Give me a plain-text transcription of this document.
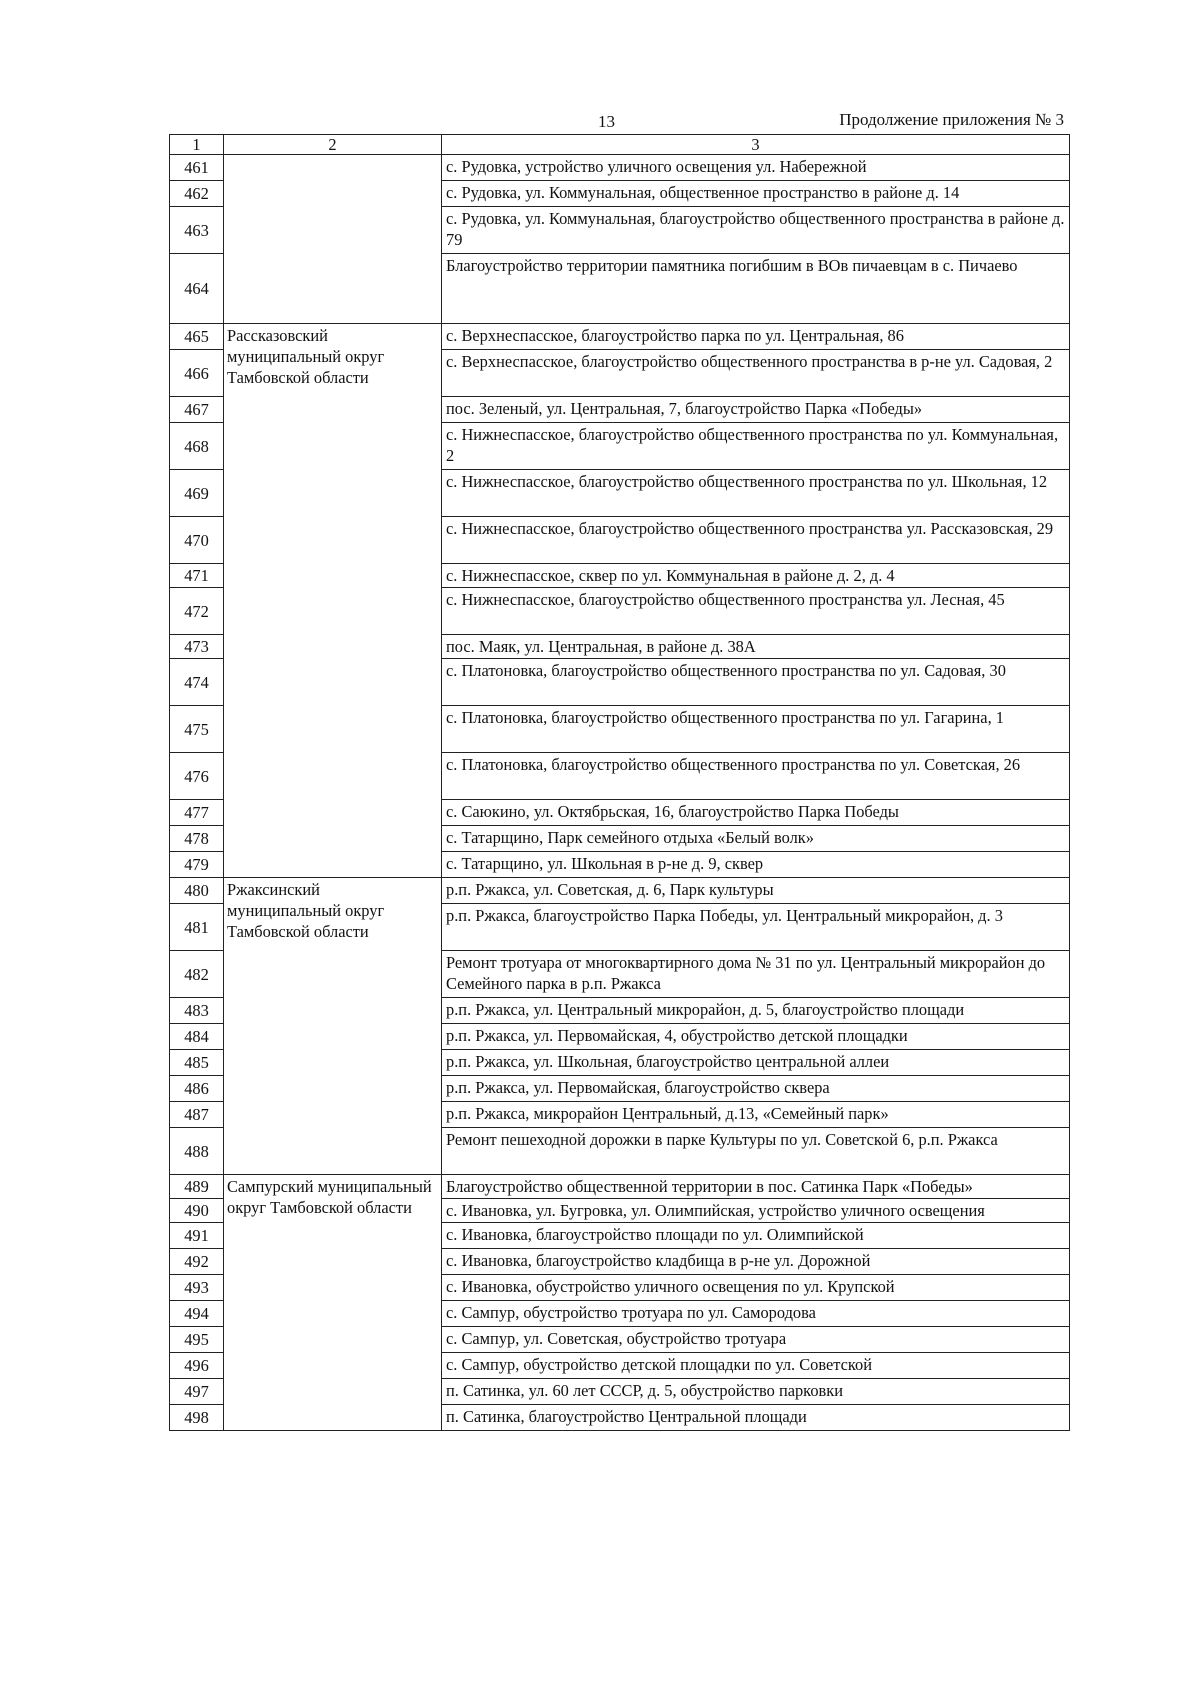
13	Продолжение приложения № 3
1	2	3
461		с. Рудовка, устройство уличного освещения ул. Набережной
462		с. Рудовка, ул. Коммунальная, общественное пространство в районе д. 14
463		с. Рудовка, ул. Коммунальная, благоустройство общественного пространства в районе д. 79
464		Благоустройство территории памятника погибшим в ВОв пичаевцам в с. Пичаево
465	Рассказовский муниципальный округ Тамбовской области	с. Верхнеспасское, благоустройство парка по ул. Центральная, 86
466		с. Верхнеспасское, благоустройство общественного пространства в р-не ул. Садовая, 2
467		пос. Зеленый, ул. Центральная, 7, благоустройство Парка «Победы»
468		с. Нижнеспасское, благоустройство общественного пространства по ул. Коммунальная, 2
469		с. Нижнеспасское, благоустройство общественного пространства по ул. Школьная, 12
470		с. Нижнеспасское, благоустройство общественного пространства ул. Рассказовская, 29
471		с. Нижнеспасское, сквер по ул. Коммунальная в районе д. 2, д. 4
472		с. Нижнеспасское, благоустройство общественного пространства ул. Лесная, 45
473		пос. Маяк, ул. Центральная, в районе д. 38А
474		с. Платоновка, благоустройство общественного пространства по ул. Садовая, 30
475		с. Платоновка, благоустройство общественного пространства по ул. Гагарина, 1
476		с. Платоновка, благоустройство общественного пространства по ул. Советская, 26
477		с. Саюкино, ул. Октябрьская, 16, благоустройство Парка Победы
478		с. Татарщино, Парк семейного отдыха «Белый волк»
479		с. Татарщино, ул. Школьная в р-не д. 9, сквер
480	Ржаксинский муниципальный округ Тамбовской области	р.п. Ржакса, ул. Советская, д. 6, Парк культуры
481		р.п. Ржакса, благоустройство Парка Победы, ул. Центральный микрорайон, д. 3
482		Ремонт тротуара от многоквартирного дома № 31 по ул. Центральный микрорайон до Семейного парка в р.п. Ржакса
483		р.п. Ржакса, ул. Центральный микрорайон, д. 5, благоустройство площади
484		р.п. Ржакса, ул. Первомайская, 4, обустройство детской площадки
485		р.п. Ржакса, ул. Школьная, благоустройство центральной аллеи
486		р.п. Ржакса, ул. Первомайская, благоустройство сквера
487		р.п. Ржакса, микрорайон Центральный, д.13, «Семейный парк»
488		Ремонт пешеходной дорожки в парке Культуры по ул. Советской 6, р.п. Ржакса
489	Сампурский муниципальный округ Тамбовской области	Благоустройство общественной территории в пос. Сатинка Парк «Победы»
490		с. Ивановка, ул. Бугровка, ул. Олимпийская, устройство уличного освещения
491		с. Ивановка, благоустройство площади по ул. Олимпийской
492		с. Ивановка, благоустройство кладбища в р-не ул. Дорожной
493		с. Ивановка, обустройство уличного освещения по ул. Крупской
494		с. Сампур, обустройство тротуара по ул. Самородова
495		с. Сампур, ул. Советская, обустройство тротуара
496		с. Сампур, обустройство детской площадки по ул. Советской
497		п. Сатинка, ул. 60 лет СССР, д. 5, обустройство парковки
498		п. Сатинка, благоустройство Центральной площади
